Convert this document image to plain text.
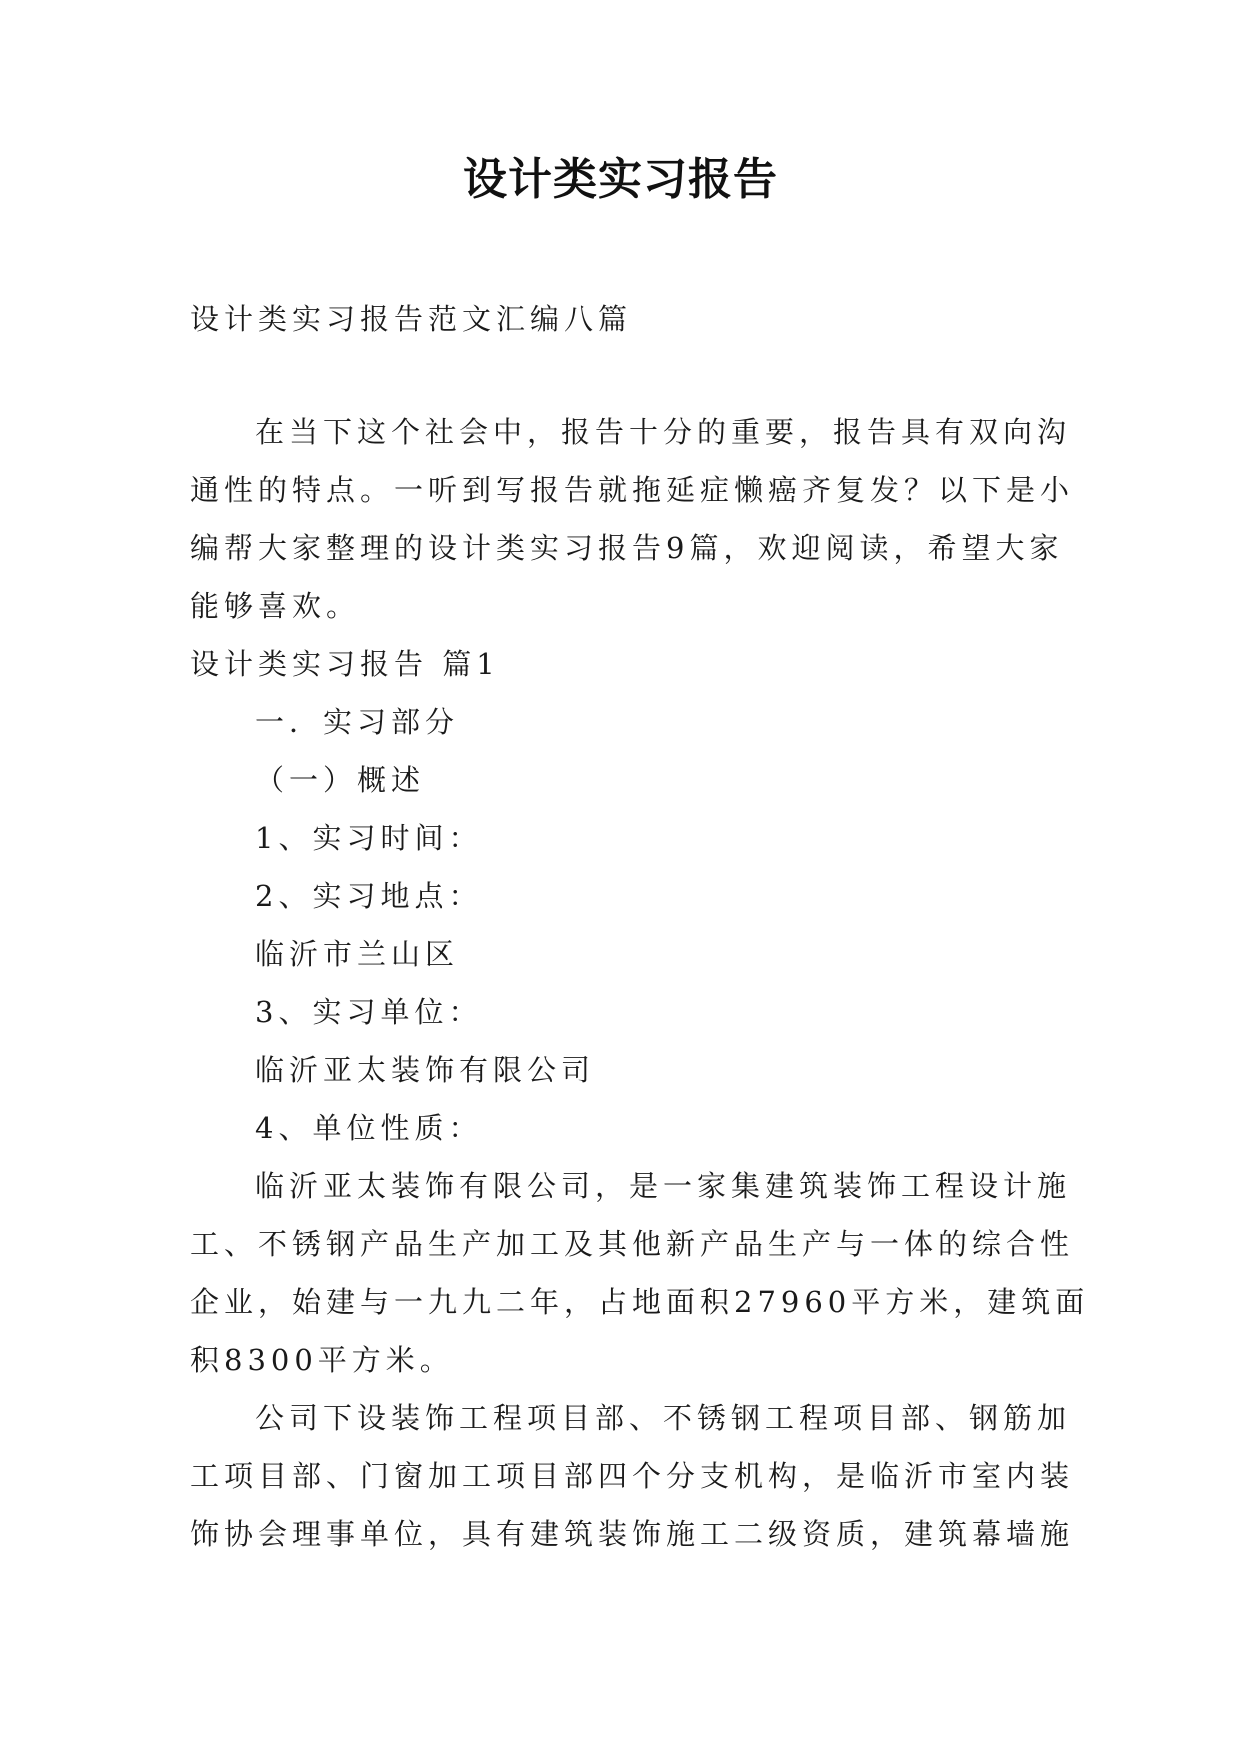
设计类实习报告

设计类实习报告范文汇编八篇

在当下这个社会中，报告十分的重要，报告具有双向沟

通性的特点。一听到写报告就拖延症懒癌齐复发？以下是小

编帮大家整理的设计类实习报告9篇，欢迎阅读，希望大家

能够喜欢。

设计类实习报告 篇1

一．实习部分

（一）概述

1、实习时间：

2、实习地点：

临沂市兰山区

3、实习单位：

临沂亚太装饰有限公司

4、单位性质：

临沂亚太装饰有限公司，是一家集建筑装饰工程设计施

工、不锈钢产品生产加工及其他新产品生产与一体的综合性

企业，始建与一九九二年，占地面积27960平方米，建筑面

积8300平方米。

公司下设装饰工程项目部、不锈钢工程项目部、钢筋加

工项目部、门窗加工项目部四个分支机构，是临沂市室内装

饰协会理事单位，具有建筑装饰施工二级资质，建筑幕墙施
